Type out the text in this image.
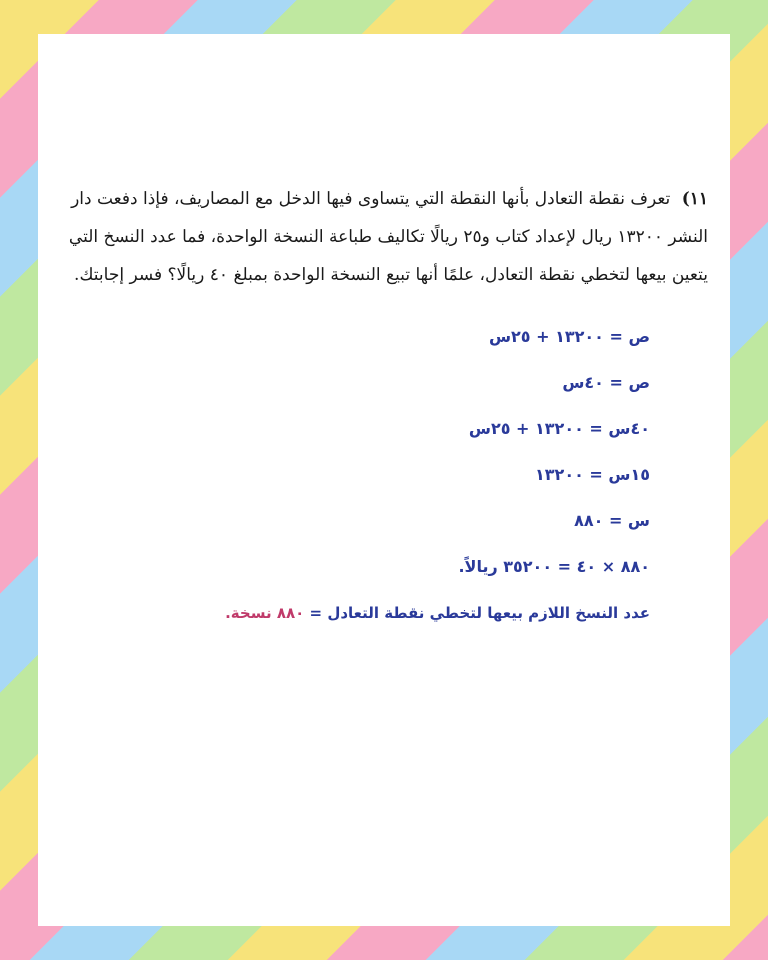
١١) تعرف نقطة التعادل بأنها النقطة التي يتساوى فيها الدخل مع المصاريف، فإذا دفعت دار النشر ١٣٢٠٠ ريال لإعداد كتاب و٢٥ ريالًا تكاليف طباعة النسخة الواحدة، فما عدد النسخ التي يتعين بيعها لتخطي نقطة التعادل، علمًا أنها تبيع النسخة الواحدة بمبلغ ٤٠ ريالًا؟ فسر إجابتك.
ص = ١٣٢٠٠ + ٢٥س
ص = ٤٠س
٤٠س = ١٣٢٠٠ + ٢٥س
١٥س = ١٣٢٠٠
س = ٨٨٠
٨٨٠ × ٤٠ = ٣٥٢٠٠ ريالاً.
عدد النسخ اللازم بيعها لتخطي نقطة التعادل = ٨٨٠ نسخة.
